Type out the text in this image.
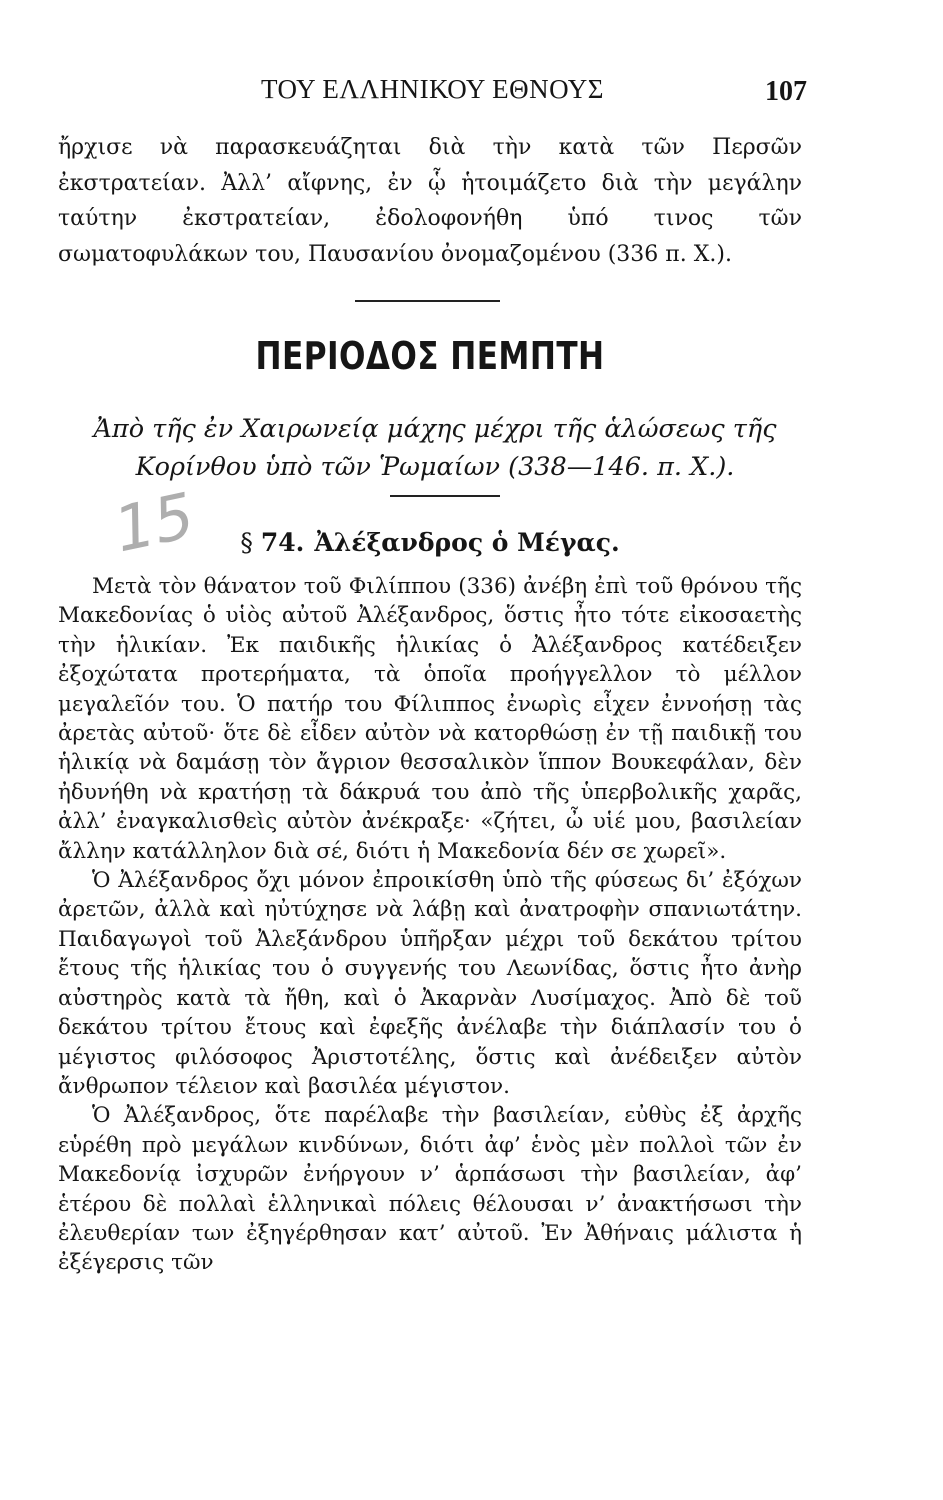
ΤΟΥ ΕΛΛΗΝΙΚΟΥ ΕΘΝΟΥΣ	107

ἤρχισε νὰ παρασκευάζηται διὰ τὴν κατὰ τῶν Περσῶν ἐκστρατείαν. Ἀλλ’ αἴφνης, ἐν ᾧ ἡτοιμάζετο διὰ τὴν μεγάλην ταύτην ἐκστρατείαν, ἐδολοφονήθη ὑπό τινος τῶν σωματοφυλάκων του, Παυσανίου ὀνομαζομένου (336 π. Χ.).

ΠΕΡΙΟΔΟΣ ΠΕΜΠΤΗ

Ἀπὸ τῆς ἐν Χαιρωνείᾳ μάχης μέχρι τῆς ἁλώσεως τῆς Κορίνθου ὑπὸ τῶν Ῥωμαίων (338—146. π. Χ.).

15	§ 74. Ἀλέξανδρος ὁ Μέγας.

Μετὰ τὸν θάνατον τοῦ Φιλίππου (336) ἀνέβη ἐπὶ τοῦ θρόνου τῆς Μακεδονίας ὁ υἱὸς αὐτοῦ Ἀλέξανδρος, ὅστις ἦτο τότε εἰκοσαετὴς τὴν ἡλικίαν. Ἐκ παιδικῆς ἡλικίας ὁ Ἀλέξανδρος κατέδειξεν ἐξοχώτατα προτερήματα, τὰ ὁποῖα προήγγελλον τὸ μέλλον μεγαλεῖόν του. Ὁ πατήρ του Φίλιππος ἐνωρὶς εἶχεν ἐννοήσῃ τὰς ἀρετὰς αὐτοῦ· ὅτε δὲ εἶδεν αὐτὸν νὰ κατορθώσῃ ἐν τῇ παιδικῇ του ἡλικίᾳ νὰ δαμάσῃ τὸν ἄγριον θεσσαλικὸν ἵππον Βουκεφάλαν, δὲν ἠδυνήθη νὰ κρατήσῃ τὰ δάκρυά του ἀπὸ τῆς ὑπερβολικῆς χαρᾶς, ἀλλ’ ἐναγκαλισθεὶς αὐτὸν ἀνέκραξε· «ζήτει, ὦ υἱέ μου, βασιλείαν ἄλλην κατάλληλον διὰ σέ, διότι ἡ Μακεδονία δέν σε χωρεῖ».

Ὁ Ἀλέξανδρος ὄχι μόνον ἐπροικίσθη ὑπὸ τῆς φύσεως δι’ ἐξόχων ἀρετῶν, ἀλλὰ καὶ ηὐτύχησε νὰ λάβῃ καὶ ἀνατροφὴν σπανιωτάτην. Παιδαγωγοὶ τοῦ Ἀλεξάνδρου ὑπῆρξαν μέχρι τοῦ δεκάτου τρίτου ἔτους τῆς ἡλικίας του ὁ συγγενής του Λεωνίδας, ὅστις ἦτο ἀνὴρ αὐστηρὸς κατὰ τὰ ἤθη, καὶ ὁ Ἀκαρνὰν Λυσίμαχος. Ἀπὸ δὲ τοῦ δεκάτου τρίτου ἔτους καὶ ἐφεξῆς ἀνέλαβε τὴν διάπλασίν του ὁ μέγιστος φιλόσοφος Ἀριστοτέλης, ὅστις καὶ ἀνέδειξεν αὐτὸν ἄνθρωπον τέλειον καὶ βασιλέα μέγιστον.

Ὁ Ἀλέξανδρος, ὅτε παρέλαβε τὴν βασιλείαν, εὐθὺς ἐξ ἀρχῆς εὑρέθη πρὸ μεγάλων κινδύνων, διότι ἀφ’ ἑνὸς μὲν πολλοὶ τῶν ἐν Μακεδονίᾳ ἰσχυρῶν ἐνήργουν ν’ ἁρπάσωσι τὴν βασιλείαν, ἀφ’ ἑτέρου δὲ πολλαὶ ἑλληνικαὶ πόλεις θέλουσαι ν’ ἀνακτήσωσι τὴν ἐλευθερίαν των ἐξηγέρθησαν κατ’ αὐτοῦ. Ἐν Ἀθήναις μάλιστα ἡ ἐξέγερσις τῶν
